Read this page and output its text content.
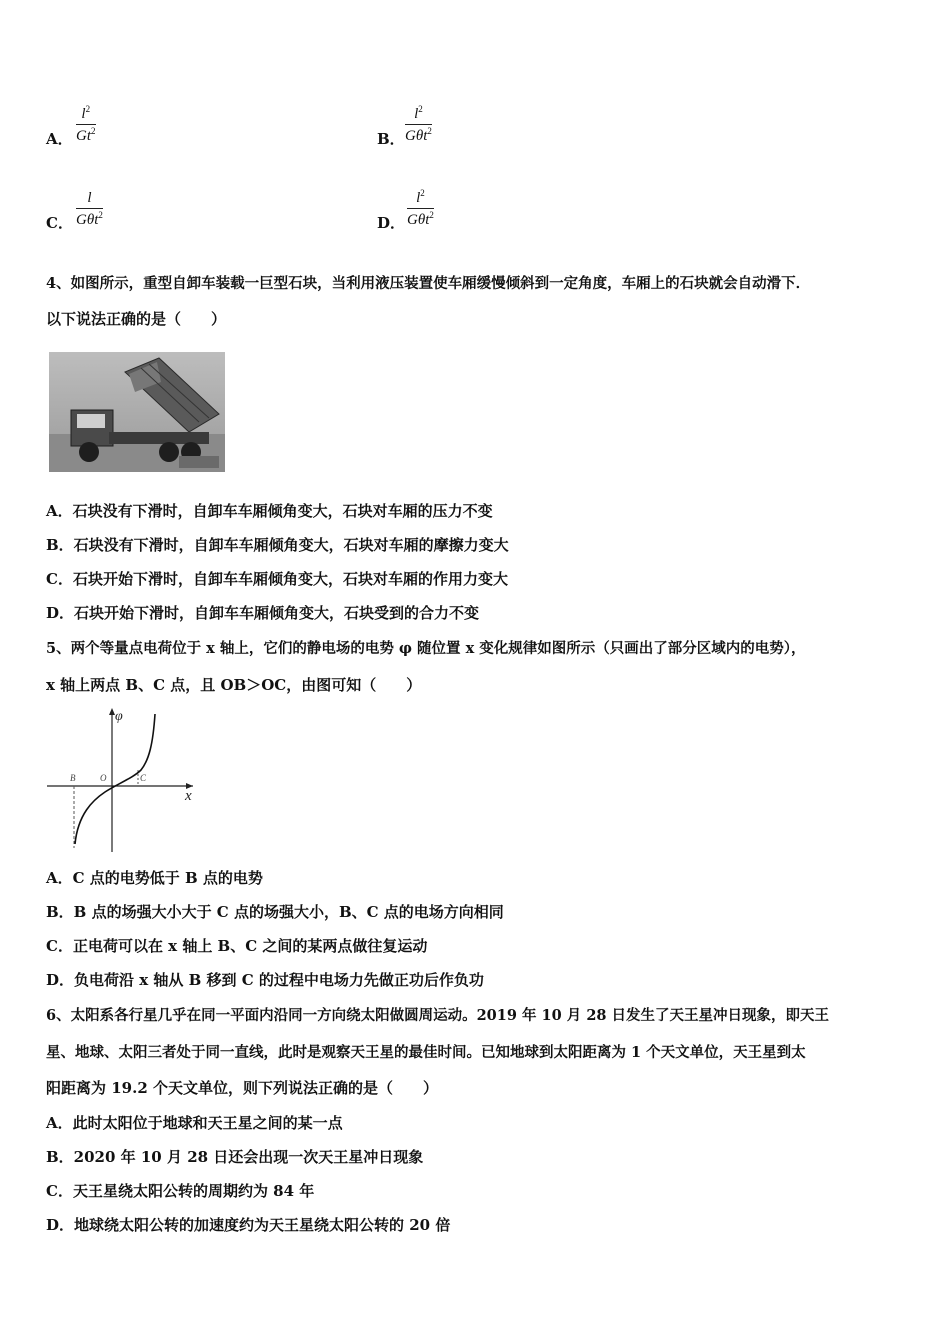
A． $\frac{l^2}{Gt^2}$	B．
$l^2$
Gθt$^2$
C．
l
Gθt$^2$	D．
$l^2$
Gθt$^2$
4、如图所示，重型自卸车装载一巨型石块，当利用液压装置使车厢缓慢倾斜到一定角度，车厢上的石块就会自动滑下．
以下说法正确的是（　　）
A．石块没有下滑时，自卸车车厢倾角变大，石块对车厢的压力不变
B．石块没有下滑时，自卸车车厢倾角变大，石块对车厢的摩擦力变大
C．石块开始下滑时，自卸车车厢倾角变大，石块对车厢的作用力变大
D．石块开始下滑时，自卸车车厢倾角变大，石块受到的合力不变
5、两个等量点电荷位于 x 轴上，它们的静电场的电势 φ 随位置 x 变化规律如图所示（只画出了部分区域内的电势），
x 轴上两点 B、C 点，且 OB＞OC，由图可知（　　）
φ
x
B	O	C
A．C 点的电势低于 B 点的电势
B．B 点的场强大小大于 C 点的场强大小，B、C 点的电场方向相同
C．正电荷可以在 x 轴上 B、C 之间的某两点做往复运动
D．负电荷沿 x 轴从 B 移到 C 的过程中电场力先做正功后作负功
6、太阳系各行星几乎在同一平面内沿同一方向绕太阳做圆周运动。2019 年 10 月 28 日发生了天王星冲日现象，即天王
星、地球、太阳三者处于同一直线，此时是观察天王星的最佳时间。已知地球到太阳距离为 1 个天文单位，天王星到太
阳距离为 19.2 个天文单位，则下列说法正确的是（　　）
A．此时太阳位于地球和天王星之间的某一点
B．2020 年 10 月 28 日还会出现一次天王星冲日现象
C．天王星绕太阳公转的周期约为 84 年
D．地球绕太阳公转的加速度约为天王星绕太阳公转的 20 倍
